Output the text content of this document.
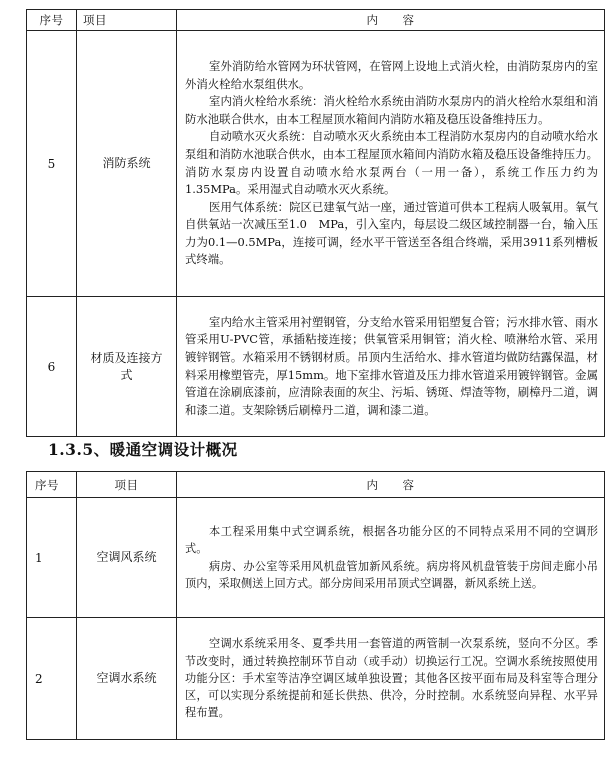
序号	项目	内　　容
5	消防系统	室外消防给水管网为环状管网，在管网上设地上式消火栓，由消防泵房内的室外消火栓给水泵组供水。

室内消火栓给水系统：消火栓给水系统由消防水泵房内的消火栓给水泵组和消防水池联合供水，由本工程屋顶水箱间内消防水箱及稳压设备维持压力。

自动喷水灭火系统：自动喷水灭火系统由本工程消防水泵房内的自动喷水给水泵组和消防水池联合供水，由本工程屋顶水箱间内消防水箱及稳压设备维持压力。消防水泵房内设置自动喷水给水泵两台（一用一备），系统工作压力约为1.35MPa。采用湿式自动喷水灭火系统。

医用气体系统：院区已建氧气站一座，通过管道可供本工程病人吸氧用。氧气自供氧站一次减压至1.0　MPa，引入室内，每层设二级区域控制器一台，输入压力为0.1—0.5MPa，连接可调，经水平干管送至各组合终端，采用3911系列槽板式终端。

6	材质及连接方式	室内给水主管采用衬塑钢管，分支给水管采用铝塑复合管；污水排水管、雨水管采用U-PVC管，承插粘接连接；供氧管采用铜管；消火栓、喷淋给水管、采用镀锌钢管。水箱采用不锈钢材质。吊顶内生活给水、排水管道均做防结露保温，材料采用橡塑管壳，厚15mm。地下室排水管道及压力排水管道采用镀锌钢管。金属管道在涂刷底漆前，应清除表面的灰尘、污垢、锈斑、焊渣等物，刷樟丹二道，调和漆二道。支架除锈后刷樟丹二道，调和漆二道。

1.3.5、暖通空调设计概况
序号	项目	内　　容
1	空调风系统	本工程采用集中式空调系统，根据各功能分区的不同特点采用不同的空调形式。

病房、办公室等采用风机盘管加新风系统。病房将风机盘管装于房间走廊小吊顶内，采取侧送上回方式。部分房间采用吊顶式空调器，新风系统上送。

2	空调水系统	空调水系统采用冬、夏季共用一套管道的两管制一次泵系统，竖向不分区。季节改变时，通过转换控制环节自动（或手动）切换运行工况。空调水系统按照使用功能分区：手术室等洁净空调区域单独设置；其他各区按平面布局及科室等合理分区，可以实现分系统提前和延长供热、供冷，分时控制。水系统竖向异程、水平异程布置。
